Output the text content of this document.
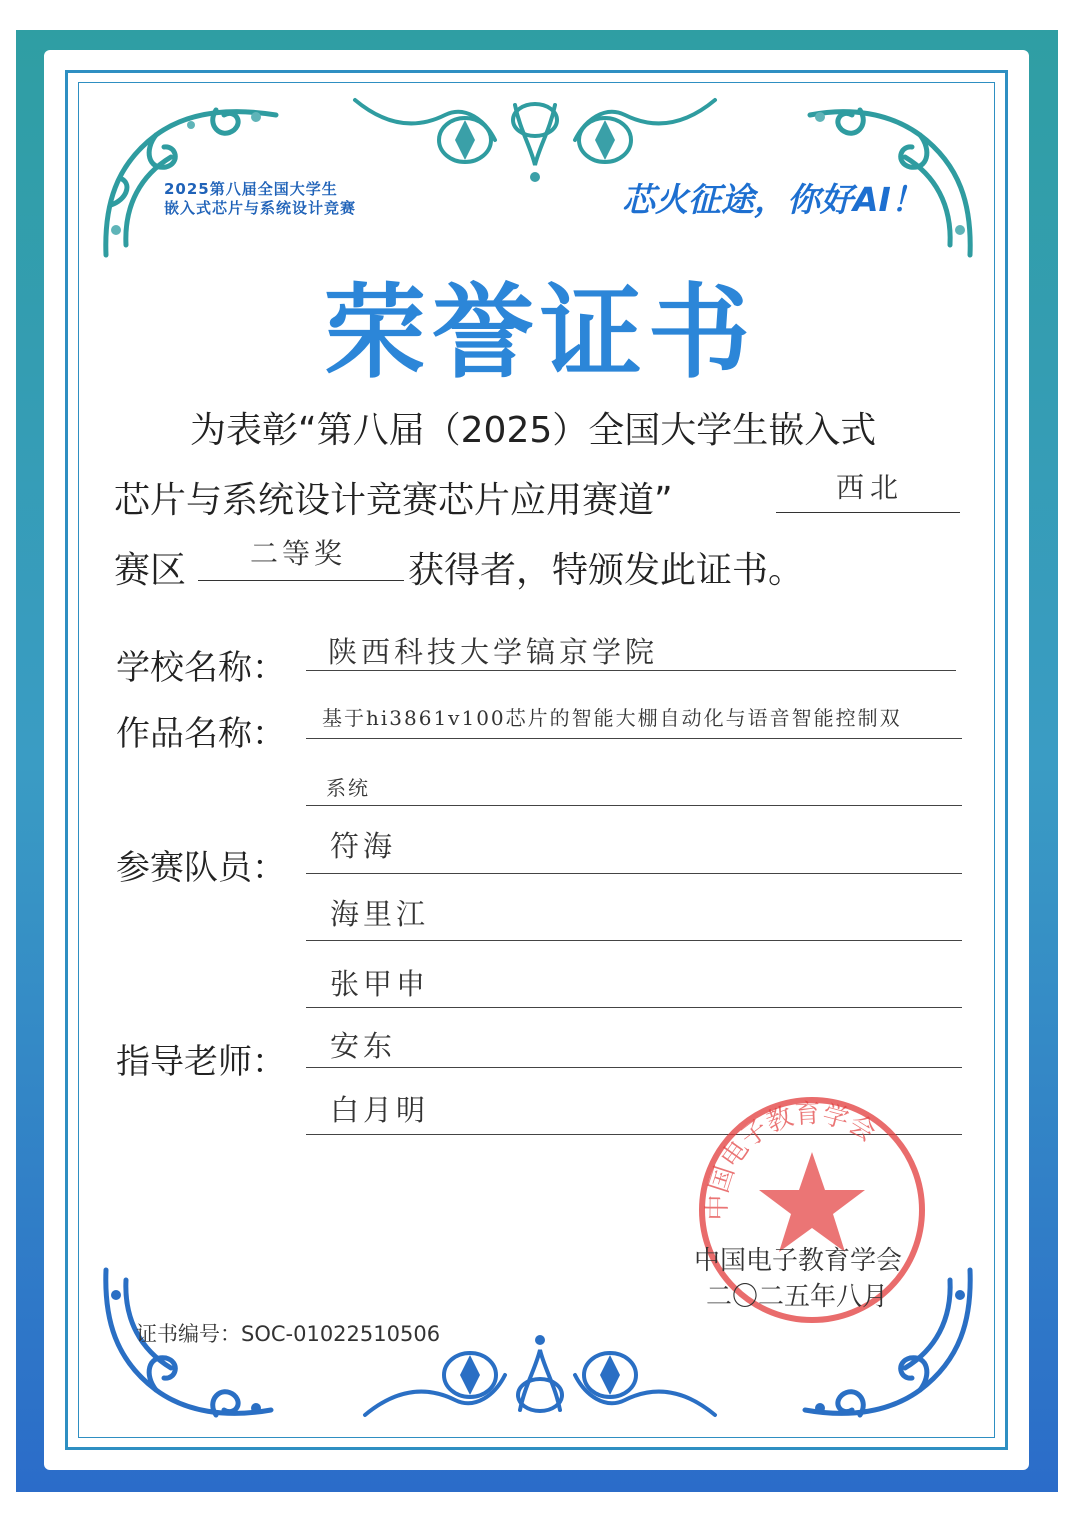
2025第八届全国大学生
嵌入式芯片与系统设计竞赛	芯火征途，你好AI！
荣誉证书
为表彰“第八届（2025）全国大学生嵌入式
芯片与系统设计竞赛芯片应用赛道”	西北
赛区 二等奖 获得者，特颁发此证书。
学校名称： 陕西科技大学镐京学院
作品名称： 基于hi3861v100芯片的智能大棚自动化与语音智能控制双
系统
参赛队员：
符海
海里江
张甲申
指导老师： 安东
白月明
中国电子教育学会
中国电子教育学会
二〇二五年八月
证书编号：SOC-01022510506
